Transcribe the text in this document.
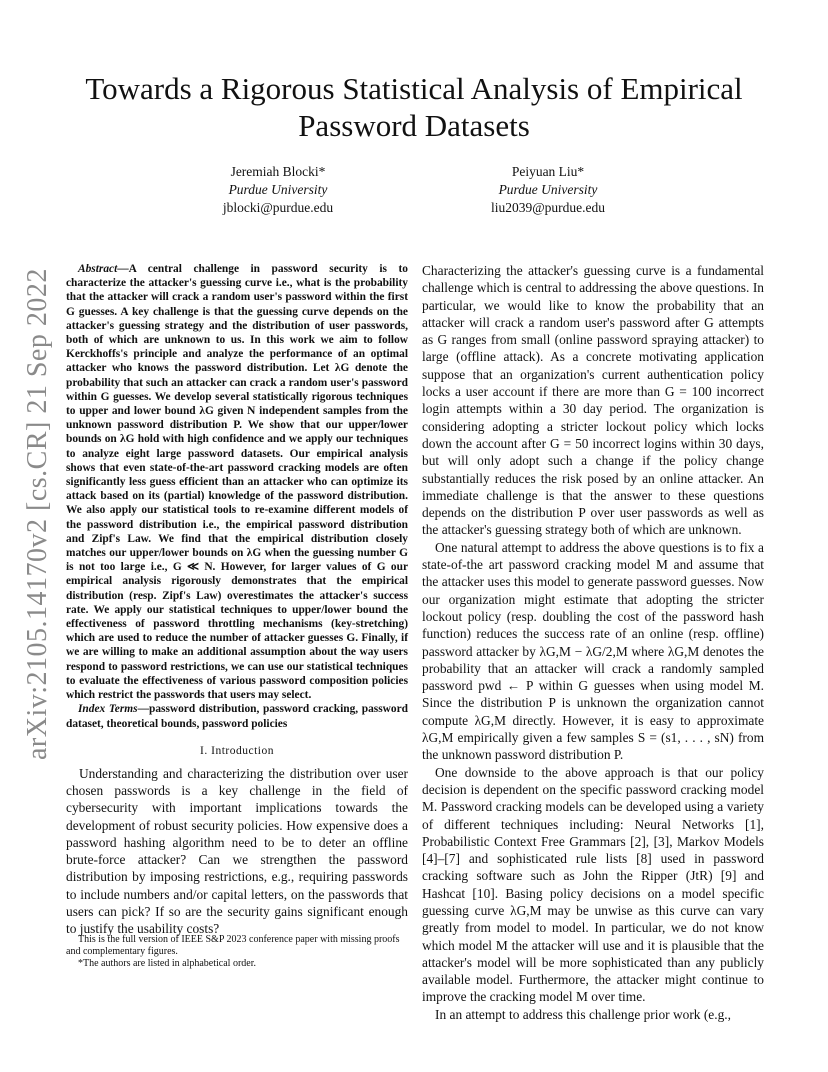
arXiv:2105.14170v2 [cs.CR] 21 Sep 2022
Towards a Rigorous Statistical Analysis of Empirical Password Datasets
Jeremiah Blocki*
Purdue University
jblocki@purdue.edu
Peiyuan Liu*
Purdue University
liu2039@purdue.edu

Abstract—A central challenge in password security is to characterize the attacker's guessing curve i.e., what is the probability that the attacker will crack a random user's password within the first G guesses. A key challenge is that the guessing curve depends on the attacker's guessing strategy and the distribution of user passwords, both of which are unknown to us. In this work we aim to follow Kerckhoffs's principle and analyze the performance of an optimal attacker who knows the password distribution. Let λG denote the probability that such an attacker can crack a random user's password within G guesses. We develop several statistically rigorous techniques to upper and lower bound λG given N independent samples from the unknown password distribution P. We show that our upper/lower bounds on λG hold with high confidence and we apply our techniques to analyze eight large password datasets. Our empirical analysis shows that even state-of-the-art password cracking models are often significantly less guess efficient than an attacker who can optimize its attack based on its (partial) knowledge of the password distribution. We also apply our statistical tools to re-examine different models of the password distribution i.e., the empirical password distribution and Zipf's Law. We find that the empirical distribution closely matches our upper/lower bounds on λG when the guessing number G is not too large i.e., G ≪ N. However, for larger values of G our empirical analysis rigorously demonstrates that the empirical distribution (resp. Zipf's Law) overestimates the attacker's success rate. We apply our statistical techniques to upper/lower bound the effectiveness of password throttling mechanisms (key-stretching) which are used to reduce the number of attacker guesses G. Finally, if we are willing to make an additional assumption about the way users respond to password restrictions, we can use our statistical techniques to evaluate the effectiveness of various password composition policies which restrict the passwords that users may select.

Index Terms—password distribution, password cracking, password dataset, theoretical bounds, password policies

I. Introduction

Understanding and characterizing the distribution over user chosen passwords is a key challenge in the field of cybersecurity with important implications towards the development of robust security policies. How expensive does a password hashing algorithm need to be to deter an offline brute-force attacker? Can we strengthen the password distribution by imposing restrictions, e.g., requiring passwords to include numbers and/or capital letters, on the passwords that users can pick? If so are the security gains significant enough to justify the usability costs?

This is the full version of IEEE S&P 2023 conference paper with missing proofs and complementary figures.

*The authors are listed in alphabetical order.

Characterizing the attacker's guessing curve is a fundamental challenge which is central to addressing the above questions. In particular, we would like to know the probability that an attacker will crack a random user's password after G attempts as G ranges from small (online password spraying attacker) to large (offline attack). As a concrete motivating application suppose that an organization's current authentication policy locks a user account if there are more than G = 100 incorrect login attempts within a 30 day period. The organization is considering adopting a stricter lockout policy which locks down the account after G = 50 incorrect logins within 30 days, but will only adopt such a change if the policy change substantially reduces the risk posed by an online attacker. An immediate challenge is that the answer to these questions depends on the distribution P over user passwords as well as the attacker's guessing strategy both of which are unknown.

One natural attempt to address the above questions is to fix a state-of-the art password cracking model M and assume that the attacker uses this model to generate password guesses. Now our organization might estimate that adopting the stricter lockout policy (resp. doubling the cost of the password hash function) reduces the success rate of an online (resp. offline) password attacker by λG,M − λG/2,M where λG,M denotes the probability that an attacker will crack a randomly sampled password pwd ← P within G guesses when using model M. Since the distribution P is unknown the organization cannot compute λG,M directly. However, it is easy to approximate λG,M empirically given a few samples S = (s1, . . . , sN) from the unknown password distribution P.

One downside to the above approach is that our policy decision is dependent on the specific password cracking model M. Password cracking models can be developed using a variety of different techniques including: Neural Networks [1], Probabilistic Context Free Grammars [2], [3], Markov Models [4]–[7] and sophisticated rule lists [8] used in password cracking software such as John the Ripper (JtR) [9] and Hashcat [10]. Basing policy decisions on a model specific guessing curve λG,M may be unwise as this curve can vary greatly from model to model. In particular, we do not know which model M the attacker will use and it is plausible that the attacker's model will be more sophisticated than any publicly available model. Furthermore, the attacker might continue to improve the cracking model M over time.

In an attempt to address this challenge prior work (e.g.,
